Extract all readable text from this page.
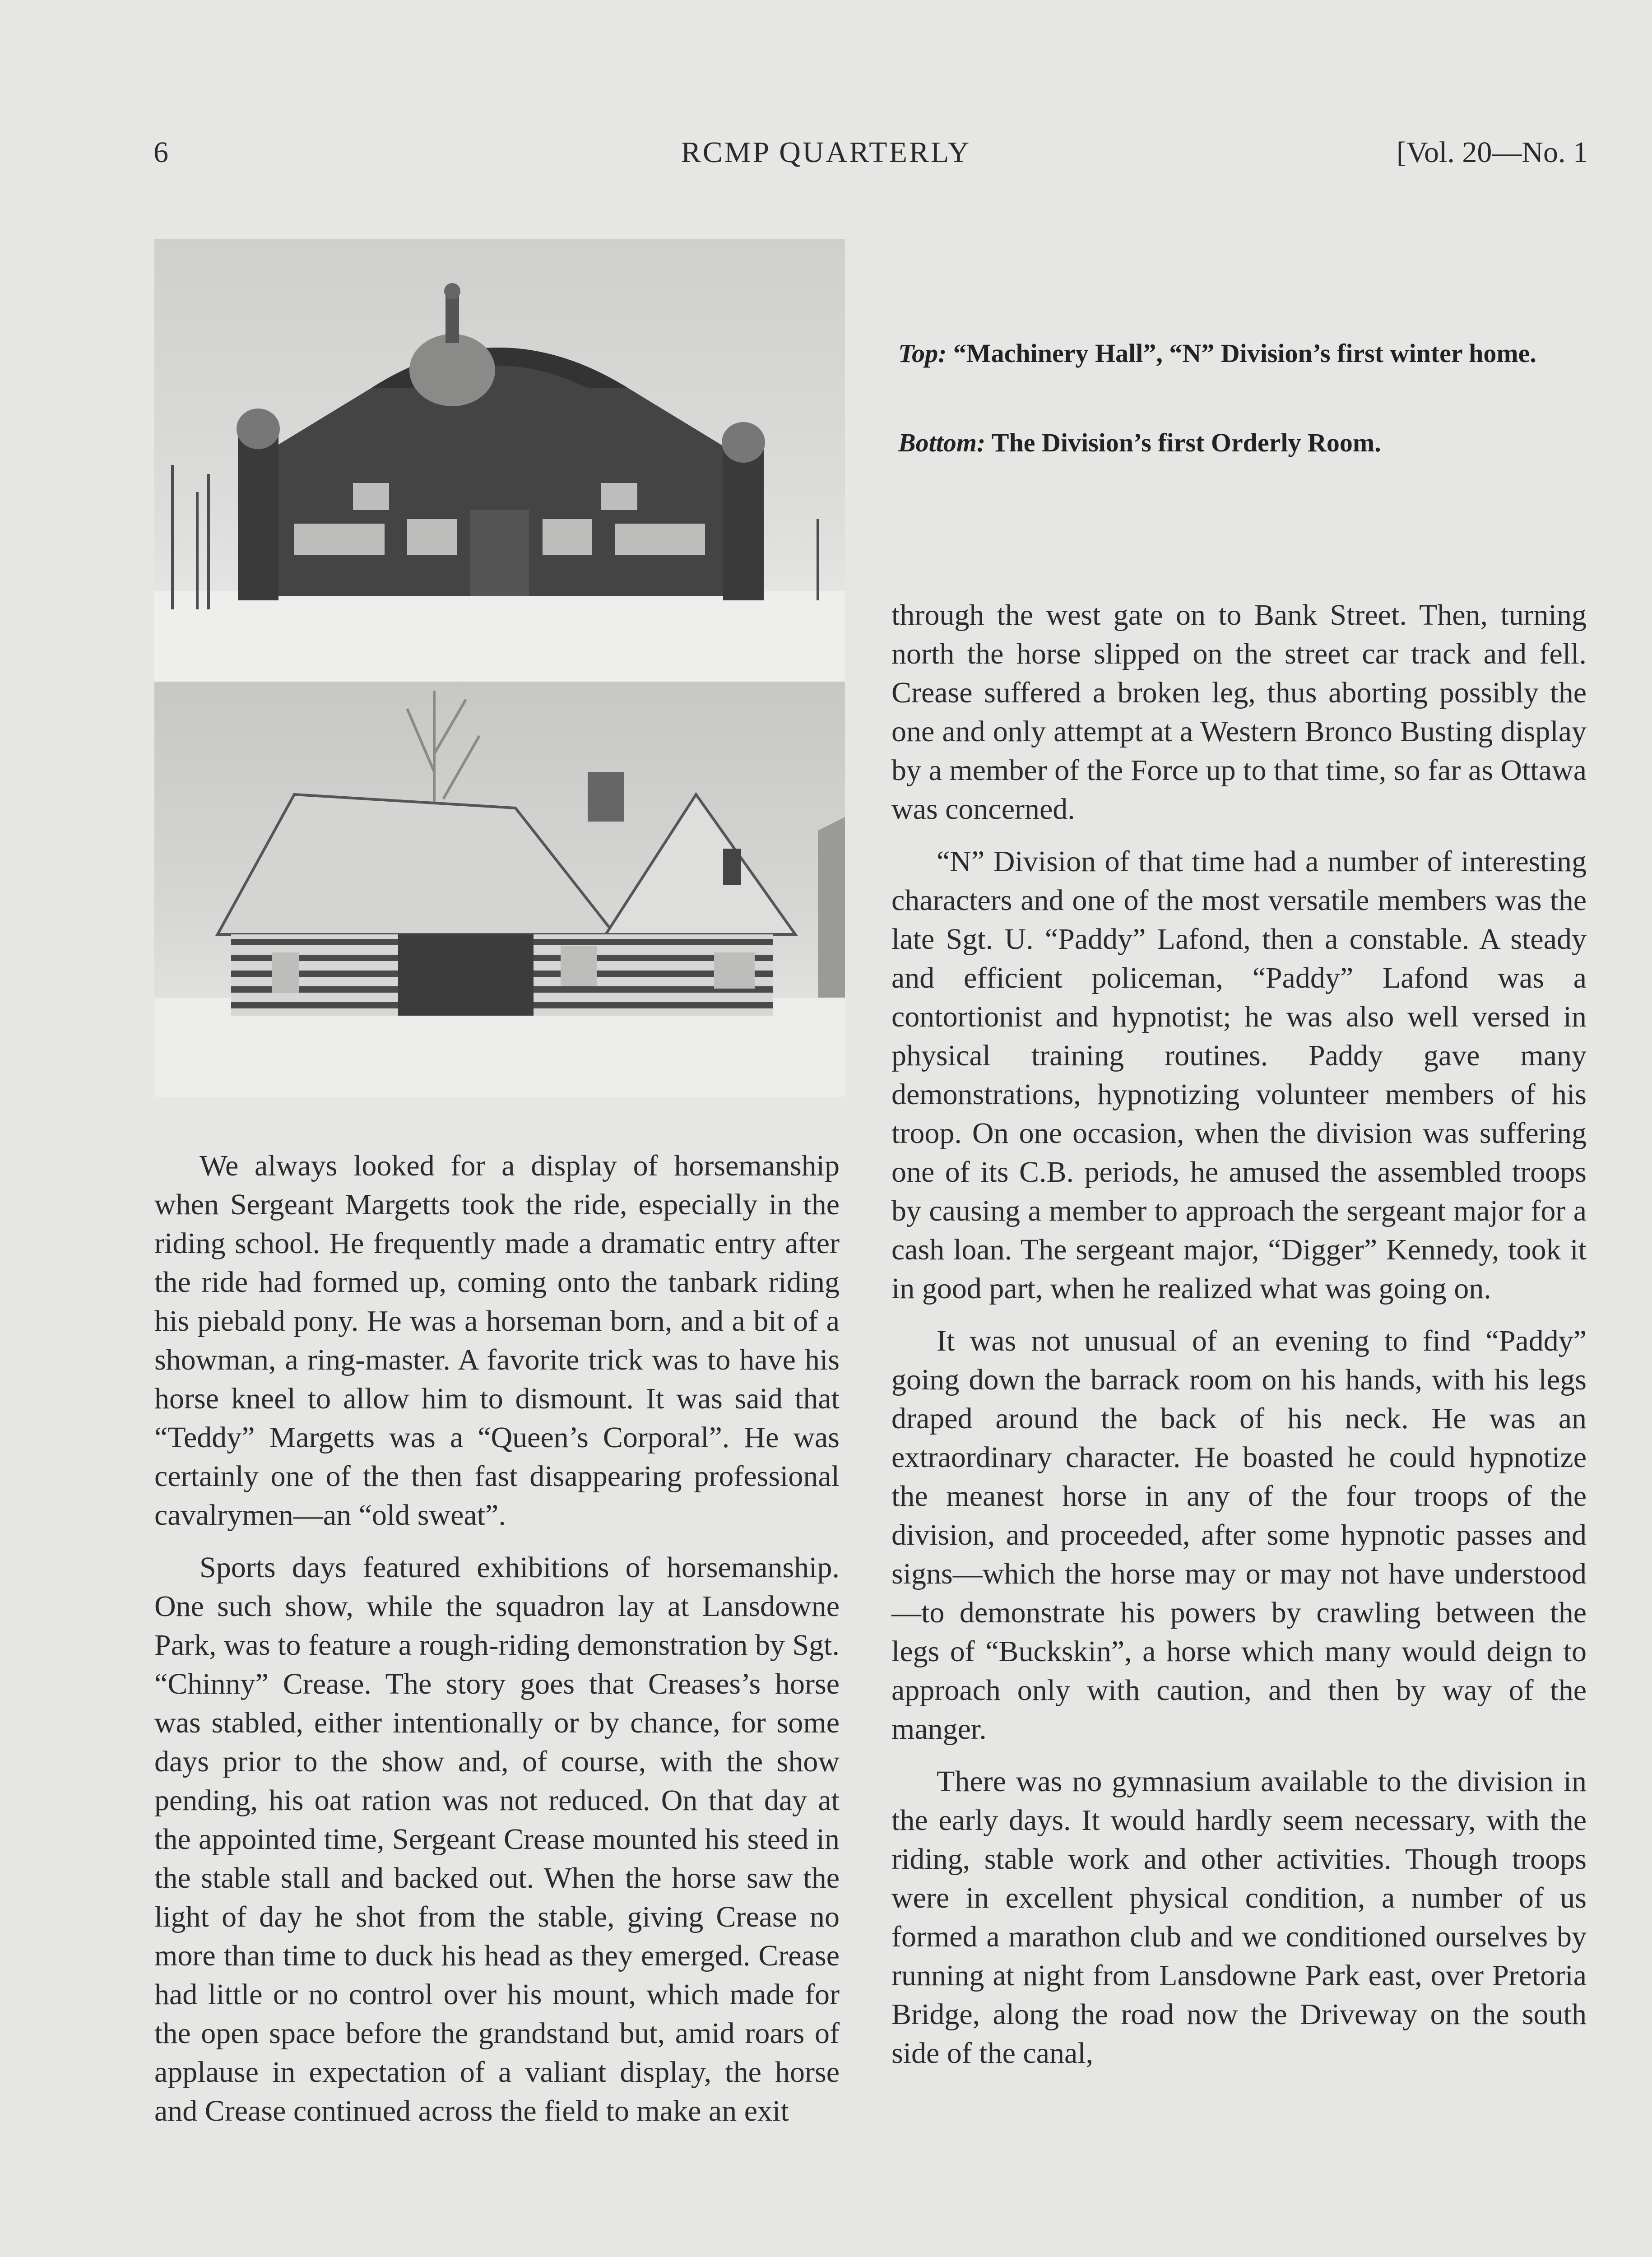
6	RCMP QUARTERLY	[Vol. 20—No. 1

Top: “Machinery Hall”, “N” Division’s first winter home.

Bottom: The Division’s first Orderly Room.

We always looked for a display of horsemanship when Sergeant Margetts took the ride, especially in the riding school. He frequently made a dramatic entry after the ride had formed up, coming onto the tanbark riding his piebald pony. He was a horseman born, and a bit of a showman, a ring-master. A favorite trick was to have his horse kneel to allow him to dismount. It was said that “Teddy” Margetts was a “Queen’s Corporal”. He was certainly one of the then fast disappearing professional cavalrymen—an “old sweat”.

Sports days featured exhibitions of horsemanship. One such show, while the squadron lay at Lansdowne Park, was to feature a rough-riding demonstration by Sgt. “Chinny” Crease. The story goes that Creases’s horse was stabled, either intentionally or by chance, for some days prior to the show and, of course, with the show pending, his oat ration was not reduced. On that day at the appointed time, Sergeant Crease mounted his steed in the stable stall and backed out. When the horse saw the light of day he shot from the stable, giving Crease no more than time to duck his head as they emerged. Crease had little or no control over his mount, which made for the open space before the grandstand but, amid roars of applause in expectation of a valiant display, the horse and Crease continued across the field to make an exit

through the west gate on to Bank Street. Then, turning north the horse slipped on the street car track and fell. Crease suffered a broken leg, thus aborting possibly the one and only attempt at a Western Bronco Busting display by a member of the Force up to that time, so far as Ottawa was concerned.

“N” Division of that time had a number of interesting characters and one of the most versatile members was the late Sgt. U. “Paddy” Lafond, then a constable. A steady and efficient policeman, “Paddy” Lafond was a contortionist and hypnotist; he was also well versed in physical training routines. Paddy gave many demonstrations, hypnotizing volunteer members of his troop. On one occasion, when the division was suffering one of its C.B. periods, he amused the assembled troops by causing a member to approach the sergeant major for a cash loan. The sergeant major, “Digger” Kennedy, took it in good part, when he realized what was going on.

It was not unusual of an evening to find “Paddy” going down the barrack room on his hands, with his legs draped around the back of his neck. He was an extraordinary character. He boasted he could hypnotize the meanest horse in any of the four troops of the division, and proceeded, after some hypnotic passes and signs—which the horse may or may not have understood—to demonstrate his powers by crawling between the legs of “Buckskin”, a horse which many would deign to approach only with caution, and then by way of the manger.

There was no gymnasium available to the division in the early days. It would hardly seem necessary, with the riding, stable work and other activities. Though troops were in excellent physical condition, a number of us formed a marathon club and we conditioned ourselves by running at night from Lansdowne Park east, over Pretoria Bridge, along the road now the Driveway on the south side of the canal,
